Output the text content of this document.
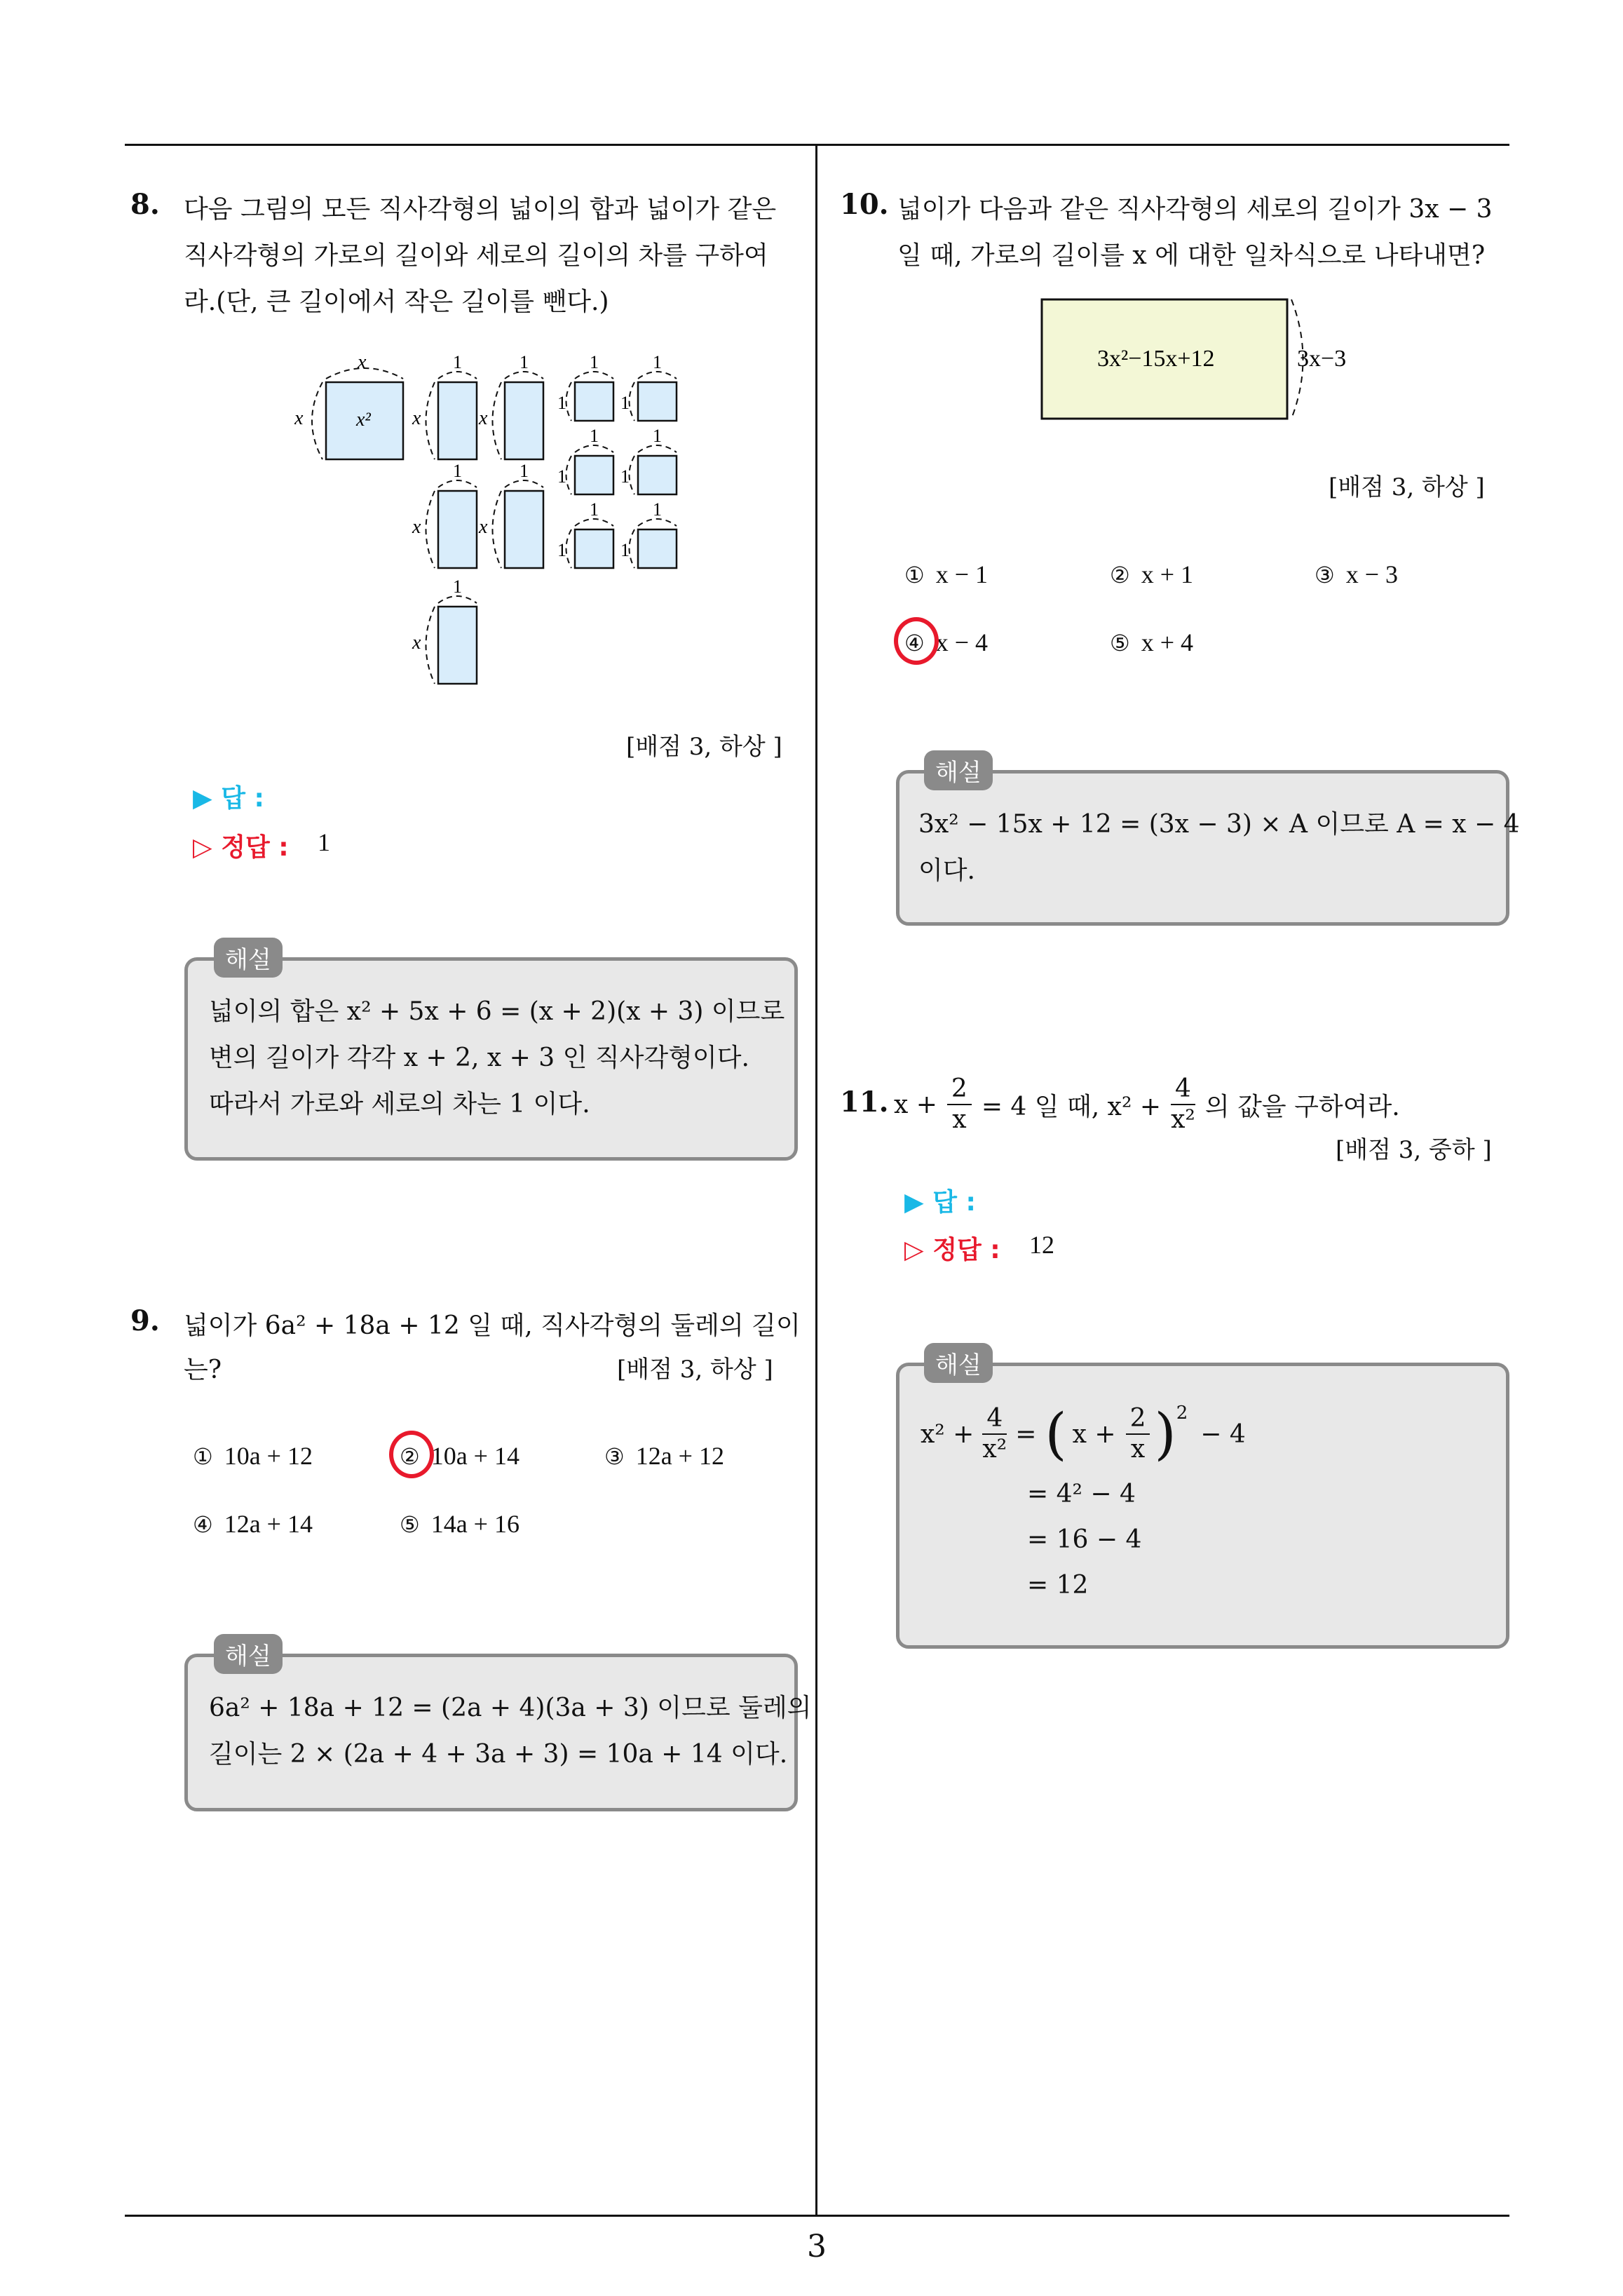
8. 다음 그림의 모든 직사각형의 넓이의 합과 넓이가 같은
직사각형의 가로의 길이와 세로의 길이의 차를 구하여
라.(단, 큰 길이에서 작은 길이를 뺀다.)
x
x	x²
1
x
1
x
1
1
1
1
1
1
1
1
1
x
1
x
1
1
1
1
1
x
[배점 3, 하상 ]
▶ 답 :
▷ 정답 : 1
해설
넓이의 합은 x² + 5x + 6 = (x + 2)(x + 3) 이므로
변의 길이가 각각 x + 2, x + 3 인 직사각형이다.
따라서 가로와 세로의 차는 1 이다.
9. 넓이가 6a² + 18a + 12 일 때, 직사각형의 둘레의 길이
는?	[배점 3, 하상 ]
① 10a + 12	② 10a + 14	③ 12a + 12
④ 12a + 14	⑤ 14a + 16
해설
6a² + 18a + 12 = (2a + 4)(3a + 3) 이므로 둘레의
길이는 2 × (2a + 4 + 3a + 3) = 10a + 14 이다.
10. 넓이가 다음과 같은 직사각형의 세로의 길이가 3x − 3
일 때, 가로의 길이를 x 에 대한 일차식으로 나타내면?
3x²−15x+12	3x−3
[배점 3, 하상 ]
① x − 1	② x + 1	③ x − 3
④ x − 4	⑤ x + 4
해설
3x² − 15x + 12 = (3x − 3) × A 이므로 A = x − 4
이다.
11. $x + \frac{2}{x} = 4$ 일 때, $x^2 + \frac{4}{\text{x²}}$ 의 값을 구하여라.
[배점 3, 중하 ]
▶ 답 :
▷ 정답 : 12
해설
$x^2 + \frac{4}{\text{x²}}$ = ( $x + \frac{2}{x}$ ) 2
− 4
= 4² − 4
= 16 − 4
= 12
3
